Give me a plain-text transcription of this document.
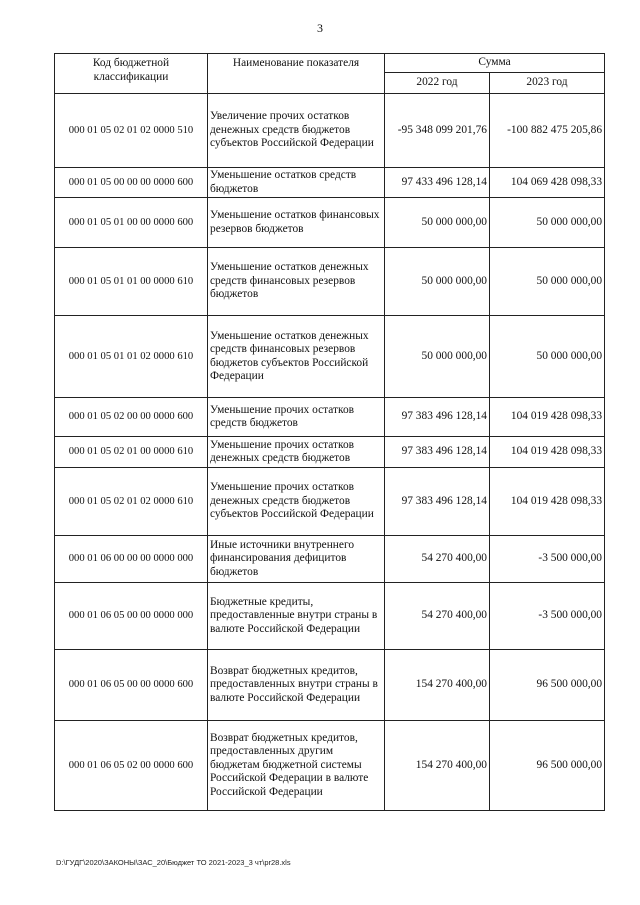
3
Код бюджетной классификации	Наименование показателя	Сумма	
		2022 год	2023 год
000 01 05 02 01 02 0000 510	Увеличение прочих остатков денежных средств бюджетов субъектов Российской Федерации	-95 348 099 201,76	-100 882 475 205,86
000 01 05 00 00 00 0000 600	Уменьшение остатков средств бюджетов	97 433 496 128,14	104 069 428 098,33
000 01 05 01 00 00 0000 600	Уменьшение остатков финансовых резервов бюджетов	50 000 000,00	50 000 000,00
000 01 05 01 01 00 0000 610	Уменьшение остатков денежных средств финансовых резервов бюджетов	50 000 000,00	50 000 000,00
000 01 05 01 01 02 0000 610	Уменьшение остатков денежных средств финансовых резервов бюджетов субъектов Российской Федерации	50 000 000,00	50 000 000,00
000 01 05 02 00 00 0000 600	Уменьшение прочих остатков средств бюджетов	97 383 496 128,14	104 019 428 098,33
000 01 05 02 01 00 0000 610	Уменьшение прочих остатков денежных средств бюджетов	97 383 496 128,14	104 019 428 098,33
000 01 05 02 01 02 0000 610	Уменьшение прочих остатков денежных средств бюджетов субъектов Российской Федерации	97 383 496 128,14	104 019 428 098,33
000 01 06 00 00 00 0000 000	Иные источники внутреннего финансирования дефицитов бюджетов	54 270 400,00	-3 500 000,00
000 01 06 05 00 00 0000 000	Бюджетные кредиты, предоставленные внутри страны в валюте Российской Федерации	54 270 400,00	-3 500 000,00
000 01 06 05 00 00 0000 600	Возврат бюджетных кредитов, предоставленных внутри страны в валюте Российской Федерации	154 270 400,00	96 500 000,00
000 01 06 05 02 00 0000 600	Возврат бюджетных кредитов, предоставленных другим бюджетам бюджетной системы Российской Федерации в валюте Российской Федерации	154 270 400,00	96 500 000,00
D:\ГУДГ\2020\ЗАКОНЫ\ЗАС_20\Бюджет ТО 2021-2023_3 чт\pr28.xls
